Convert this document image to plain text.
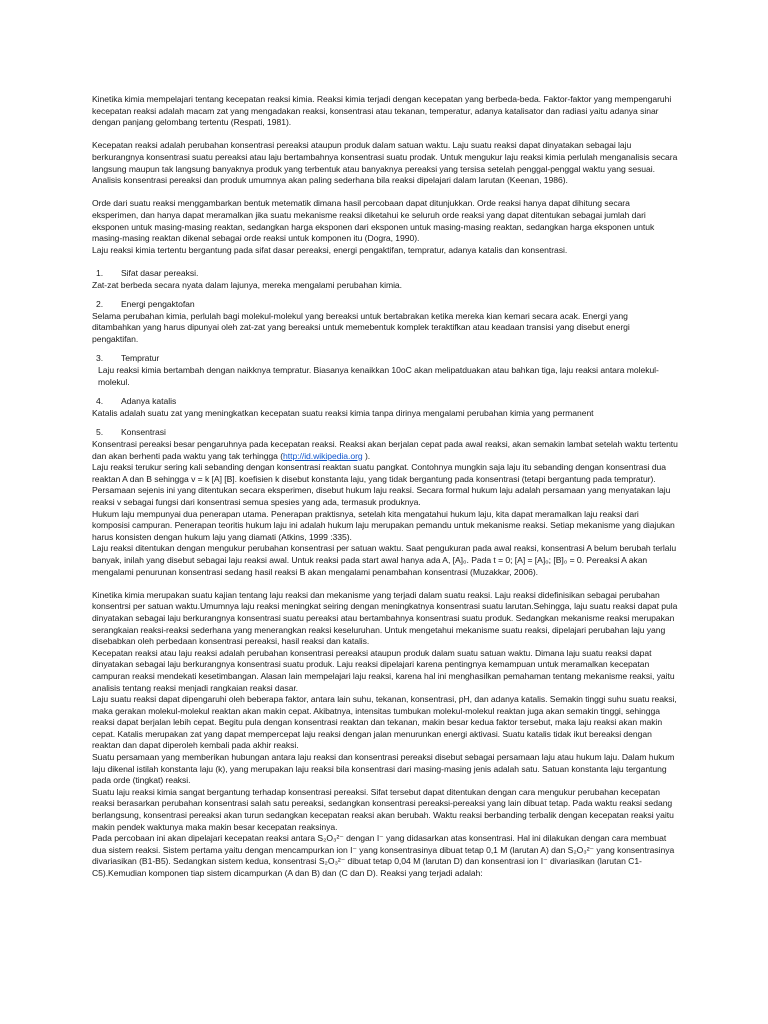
Kinetika kimia mempelajari tentang kecepatan reaksi kimia. Reaksi kimia terjadi dengan kecepatan yang berbeda-beda. Faktor-faktor yang mempengaruhi kecepatan reaksi adalah macam zat yang mengadakan reaksi, konsentrasi atau tekanan, temperatur, adanya katalisator dan radiasi yaitu adanya sinar dengan panjang gelombang tertentu (Respati, 1981).

Kecepatan reaksi adalah perubahan konsentrasi pereaksi ataupun produk dalam satuan waktu. Laju suatu reaksi dapat dinyatakan sebagai laju berkurangnya konsentrasi suatu pereaksi atau laju bertambahnya konsentrasi suatu prodak. Untuk mengukur laju reaksi kimia perlulah menganalisis secara langsung maupun tak langsung banyaknya produk yang terbentuk atau banyaknya pereaksi yang tersisa setelah penggal-penggal waktu yang sesuai. Analisis konsentrasi pereaksi dan produk umumnya akan paling sederhana bila reaksi dipelajari dalam larutan (Keenan, 1986).

Orde dari suatu reaksi menggambarkan bentuk metematik dimana hasil percobaan dapat ditunjukkan. Orde reaksi hanya dapat dihitung secara eksperimen, dan hanya dapat meramalkan jika suatu mekanisme reaksi diketahui ke seluruh orde reaksi yang dapat ditentukan sebagai jumlah dari eksponen untuk masing-masing reaktan, sedangkan harga eksponen dari eksponen untuk masing-masing reaktan, sedangkan harga eksponen untuk masing-masing reaktan dikenal sebagai orde reaksi untuk komponen itu (Dogra, 1990).

Laju reaksi kimia tertentu bergantung pada sifat dasar pereaksi, energi pengaktifan, tempratur, adanya katalis dan konsentrasi.

1. Sifat dasar pereaksi.

Zat-zat berbeda secara nyata dalam lajunya, mereka mengalami perubahan kimia.

2. Energi pengaktofan

Selama perubahan kimia, perlulah bagi molekul-molekul yang bereaksi untuk bertabrakan ketika mereka kian kemari secara acak. Energi yang ditambahkan yang harus dipunyai oleh zat-zat yang bereaksi untuk memebentuk komplek teraktifkan atau keadaan transisi yang disebut energi pengaktifan.

3. Tempratur

Laju reaksi kimia bertambah dengan naikknya tempratur. Biasanya kenaikkan 10oC akan melipatduakan atau bahkan tiga, laju reaksi antara molekul-molekul.

4. Adanya katalis

Katalis adalah suatu zat yang meningkatkan kecepatan suatu reaksi kimia tanpa dirinya mengalami perubahan kimia yang permanent

5. Konsentrasi

Konsentrasi pereaksi besar pengaruhnya pada kecepatan reaksi. Reaksi akan berjalan cepat pada awal reaksi, akan semakin lambat setelah waktu tertentu dan akan berhenti pada waktu yang tak terhingga (http://id.wikipedia.org ).

Laju reaksi terukur sering kali sebanding dengan konsentrasi reaktan suatu pangkat. Contohnya mungkin saja laju itu sebanding dengan konsentrasi dua reaktan A dan B sehingga v = k [A] [B]. koefisien k disebut konstanta laju, yang tidak bergantung pada konsentrasi (tetapi bergantung pada tempratur). Persamaan sejenis ini yang ditentukan secara eksperimen, disebut hukum laju reaksi. Secara formal hukum laju adalah persamaan yang menyatakan laju reaksi v sebagai fungsi dari konsentrasi semua spesies yang ada, termasuk produknya.

Hukum laju mempunyai dua penerapan utama. Penerapan praktisnya, setelah kita mengatahui hukum laju, kita dapat meramalkan laju reaksi dari komposisi campuran. Penerapan teoritis hukum laju ini adalah hukum laju merupakan pemandu untuk mekanisme reaksi. Setiap mekanisme yang diajukan harus konsisten dengan hukum laju yang diamati (Atkins, 1999 :335).

Laju reaksi ditentukan dengan mengukur perubahan konsentrasi per satuan waktu. Saat pengukuran pada awal reaksi, konsentrasi A belum berubah terlalu banyak, inilah yang disebut sebagai laju reaksi awal. Untuk reaksi pada start awal hanya ada A, [A]₀. Pada t = 0; [A] = [A]₀; [B]₀ = 0. Pereaksi A akan mengalami penurunan konsentrasi sedang hasil reaksi B akan mengalami penambahan konsentrasi (Muzakkar, 2006).

Kinetika kimia merupakan suatu kajian tentang laju reaksi dan mekanisme yang terjadi dalam suatu reaksi. Laju reaksi didefinisikan sebagai perubahan konsentrsi per satuan waktu.Umumnya laju reaksi meningkat seiring dengan meningkatnya konsentrasi suatu larutan.Sehingga, laju suatu reaksi dapat pula dinyatakan sebagai laju berkurangnya konsentrasi suatu pereaksi atau bertambahnya konsentrasi suatu produk. Sedangkan mekanisme reaksi merupakan serangkaian reaksi-reaksi sederhana yang menerangkan reaksi keseluruhan. Untuk mengetahui mekanisme suatu reaksi, dipelajari perubahan laju yang disebabkan oleh perbedaan konsentrasi pereaksi, hasil reaksi dan katalis.

Kecepatan reaksi atau laju reaksi adalah perubahan konsentrasi pereaksi ataupun produk dalam suatu satuan waktu. Dimana laju suatu reaksi dapat dinyatakan sebagai laju berkurangnya konsentrasi suatu produk. Laju reaksi dipelajari karena pentingnya kemampuan untuk meramalkan kecepatan campuran reaksi mendekati kesetimbangan. Alasan lain mempelajari laju reaksi, karena hal ini menghasilkan pemahaman tentang mekanisme reaksi, yaitu analisis tentang reaksi menjadi rangkaian reaksi dasar.

Laju suatu reaksi dapat dipengaruhi oleh beberapa faktor, antara lain suhu, tekanan, konsentrasi, pH, dan adanya katalis. Semakin tinggi suhu suatu reaksi, maka gerakan molekul-molekul reaktan akan makin cepat. Akibatnya, intensitas tumbukan molekul-molekul reaktan juga akan semakin tinggi, sehingga reaksi dapat berjalan lebih cepat. Begitu pula dengan konsentrasi reaktan dan tekanan, makin besar kedua faktor tersebut, maka laju reaksi akan makin cepat. Katalis merupakan zat yang dapat mempercepat laju reaksi dengan jalan menurunkan energi aktivasi. Suatu katalis tidak ikut bereaksi dengan reaktan dan dapat diperoleh kembali pada akhir reaksi.

Suatu persamaan yang memberikan hubungan antara laju reaksi dan konsentrasi pereaksi disebut sebagai persamaan laju atau hukum laju. Dalam hukum laju dikenal istilah konstanta laju (k), yang merupakan laju reaksi bila konsentrasi dari masing-masing jenis adalah satu. Satuan konstanta laju tergantung pada orde (tingkat) reaksi.

Suatu laju reaksi kimia sangat bergantung terhadap konsentrasi pereaksi. Sifat tersebut dapat ditentukan dengan cara mengukur perubahan kecepatan reaksi berasarkan perubahan konsentrasi salah satu pereaksi, sedangkan konsentrasi pereaksi-pereaksi yang lain dibuat tetap. Pada waktu reaksi sedang berlangsung, konsentrasi pereaksi akan turun sedangkan kecepatan reaksi akan berubah. Waktu reaksi berbanding terbalik dengan kecepatan reaksi yaitu makin pendek waktunya maka makin besar kecepatan reaksinya.

Pada percobaan ini akan dipelajari kecepatan reaksi antara S₂O₃²⁻ dengan I⁻ yang didasarkan atas konsentrasi. Hal ini dilakukan dengan cara membuat dua sistem reaksi. Sistem pertama yaitu dengan mencampurkan ion I⁻ yang konsentrasinya dibuat tetap 0,1 M (larutan A) dan S₂O₃²⁻ yang konsentrasinya divariasikan (B1-B5). Sedangkan sistem kedua, konsentrasi S₂O₃²⁻ dibuat tetap 0,04 M (larutan D) dan konsentrasi ion I⁻ divariasikan (larutan C1-C5).Kemudian komponen tiap sistem dicampurkan (A dan B) dan (C dan D). Reaksi yang terjadi adalah:
